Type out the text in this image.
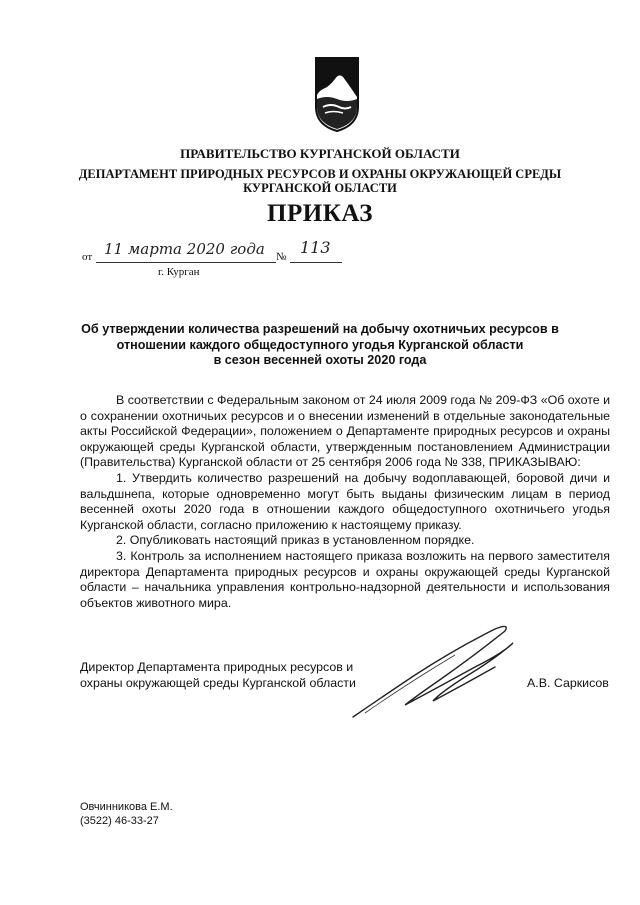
ПРАВИТЕЛЬСТВО КУРГАНСКОЙ ОБЛАСТИ
ДЕПАРТАМЕНТ ПРИРОДНЫХ РЕСУРСОВ И ОХРАНЫ ОКРУЖАЮЩЕЙ СРЕДЫ
КУРГАНСКОЙ ОБЛАСТИ
ПРИКАЗ
от 11 марта 2020 года № 113
г. Курган
Об утверждении количества разрешений на добычу охотничьих ресурсов в
отношении каждого общедоступного угодья Курганской области
в сезон весенней охоты 2020 года

В соответствии с Федеральным законом от 24 июля 2009 года № 209-ФЗ «Об охоте и о сохранении охотничьих ресурсов и о внесении изменений в отдельные законодательные акты Российской Федерации», положением о Департаменте природных ресурсов и охраны окружающей среды Курганской области, утвержденным постановлением Администрации (Правительства) Курганской области от 25 сентября 2006 года № 338, ПРИКАЗЫВАЮ:

1. Утвердить количество разрешений на добычу водоплавающей, боровой дичи и вальдшнепа, которые одновременно могут быть выданы физическим лицам в период весенней охоты 2020 года в отношении каждого общедоступного охотничьего угодья Курганской области, согласно приложению к настоящему приказу.

2. Опубликовать настоящий приказ в установленном порядке.

3. Контроль за исполнением настоящего приказа возложить на первого заместителя директора Департамента природных ресурсов и охраны окружающей среды Курганской области – начальника управления контрольно-надзорной деятельности и использования объектов животного мира.

Директор Департамента природных ресурсов и
охраны окружающей среды Курганской области	А.В. Саркисов
Овчинникова Е.М.
(3522) 46-33-27
